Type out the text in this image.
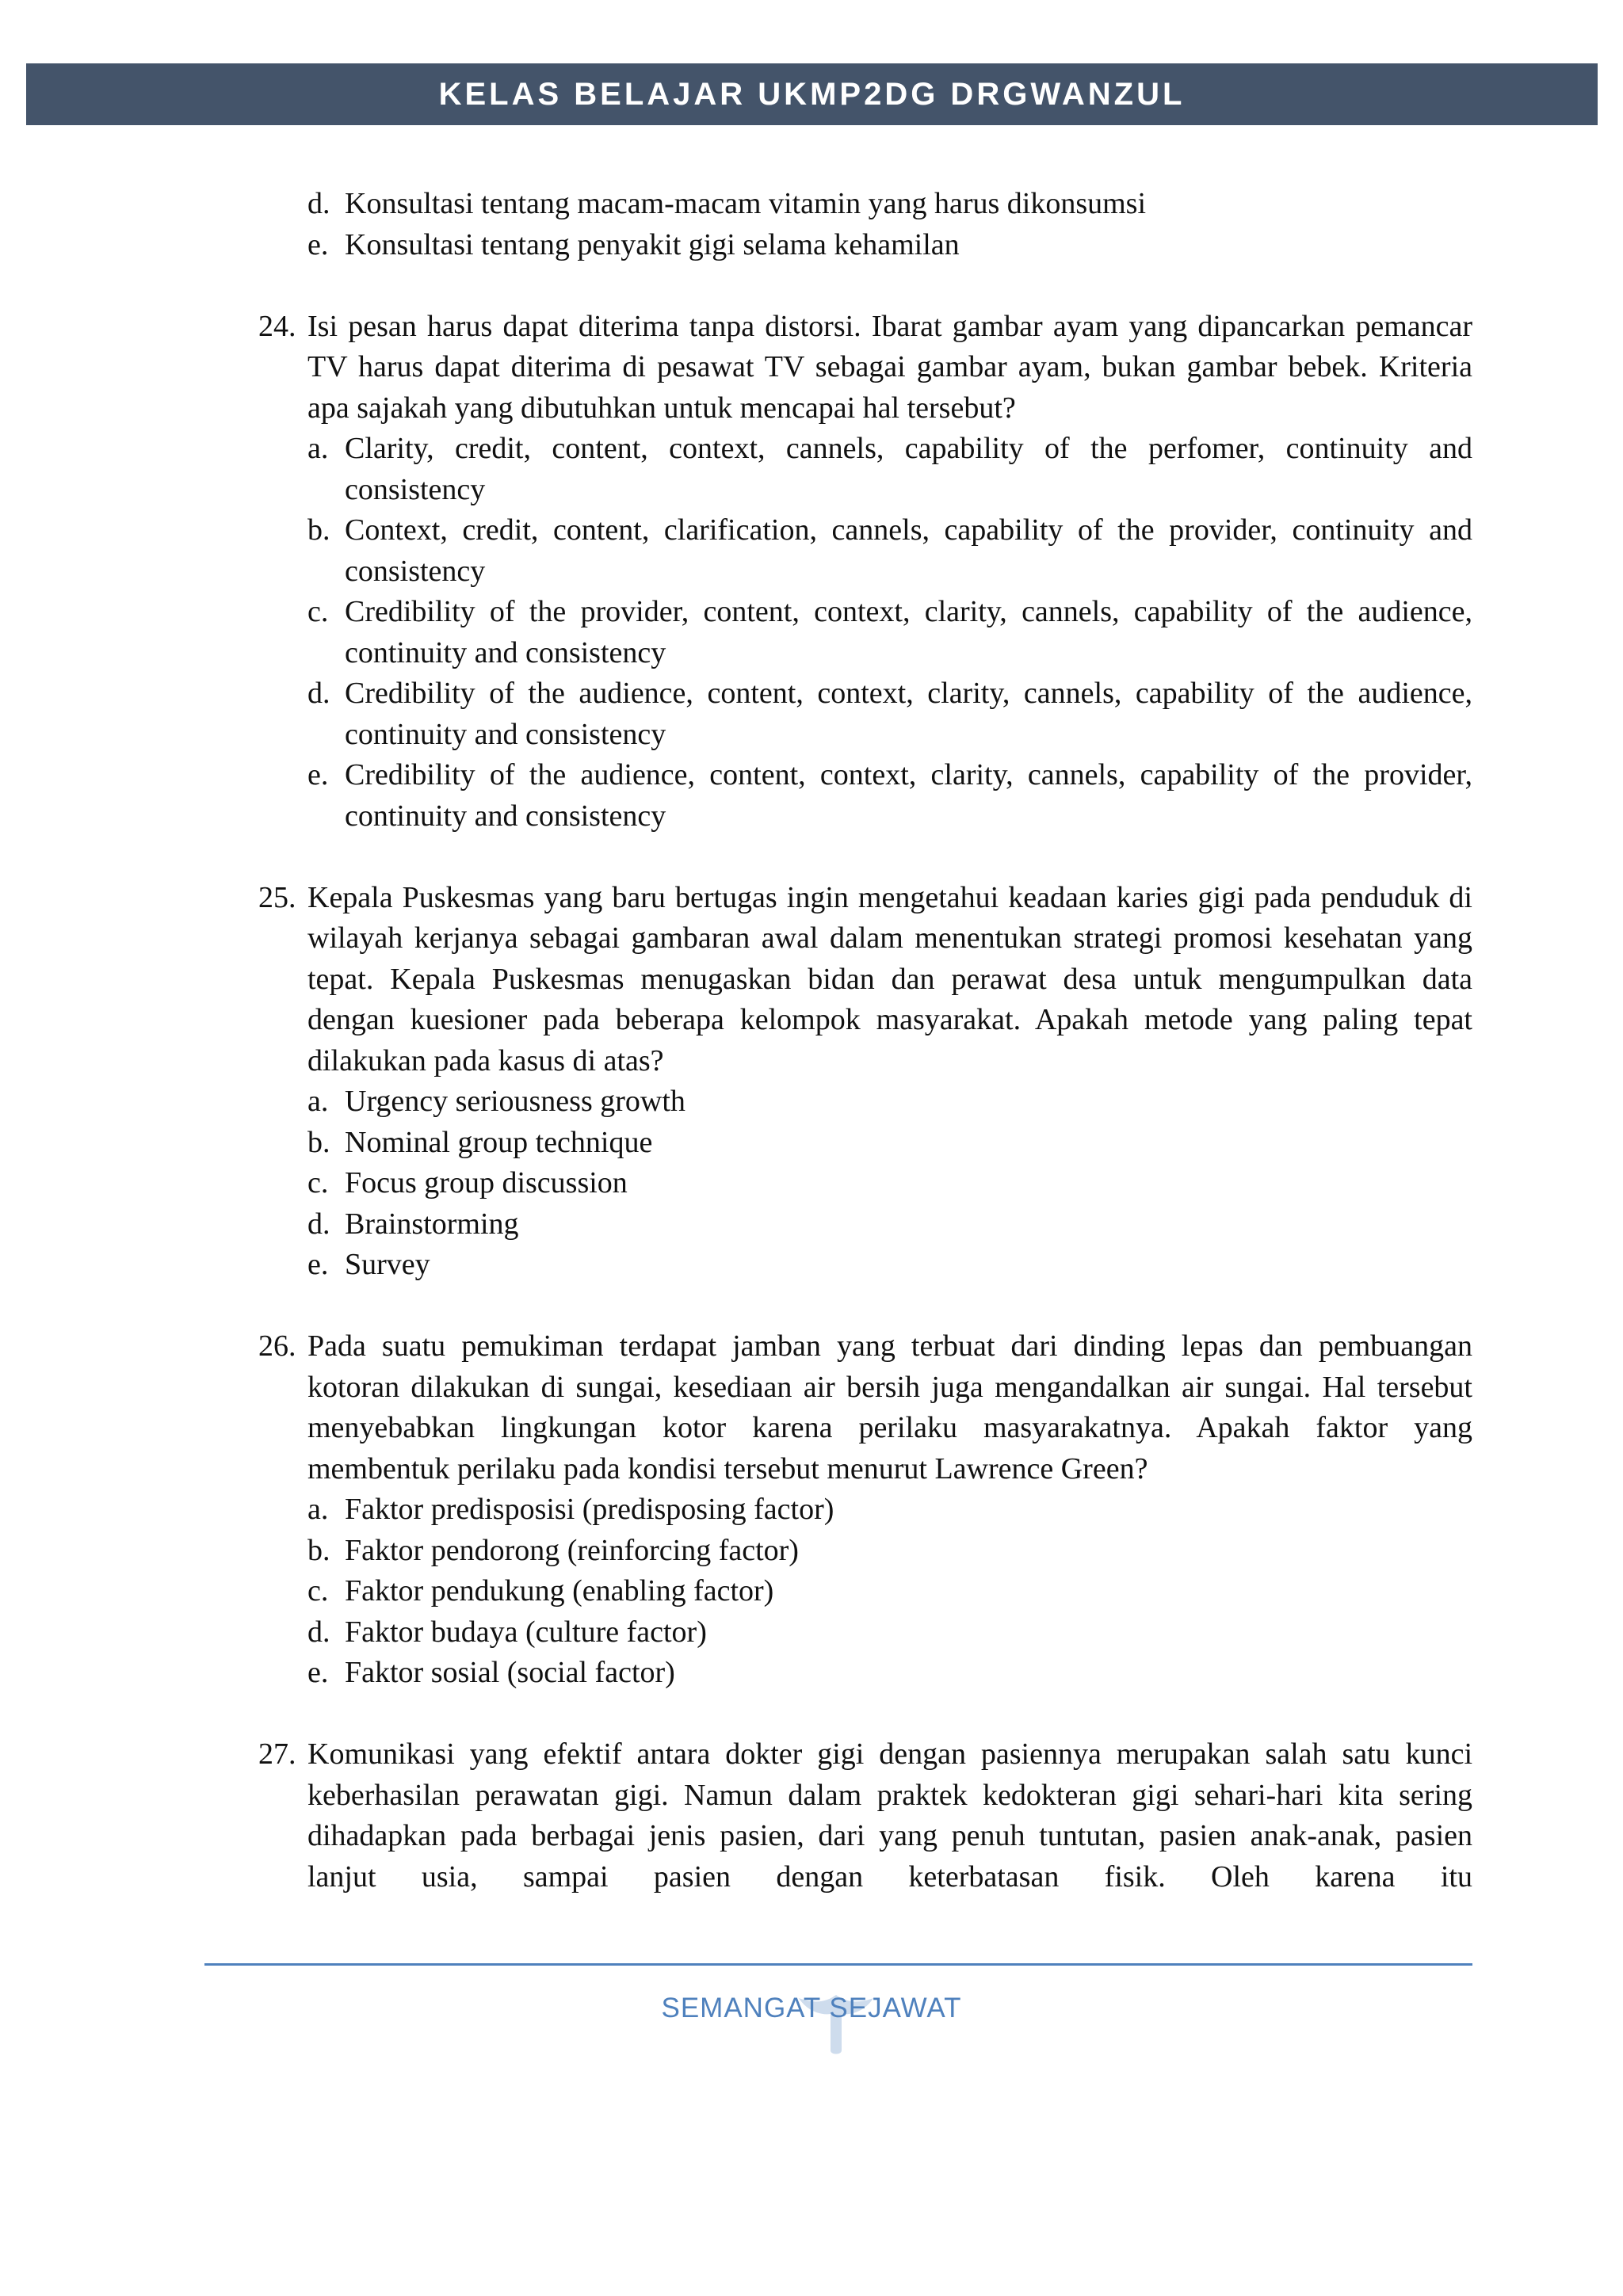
KELAS BELAJAR UKMP2DG DRGWANZUL
d. Konsultasi tentang macam-macam vitamin yang harus dikonsumsi
e. Konsultasi tentang penyakit gigi selama kehamilan
24. Isi pesan harus dapat diterima tanpa distorsi. Ibarat gambar ayam yang dipancarkan pemancar TV harus dapat diterima di pesawat TV sebagai gambar ayam, bukan gambar bebek. Kriteria apa sajakah yang dibutuhkan untuk mencapai hal tersebut?
a. Clarity, credit, content, context, cannels, capability of the perfomer, continuity and consistency
b. Context, credit, content, clarification, cannels, capability of the provider, continuity and consistency
c. Credibility of the provider, content, context, clarity, cannels, capability of the audience, continuity and consistency
d. Credibility of the audience, content, context, clarity, cannels, capability of the audience, continuity and consistency
e. Credibility of the audience, content, context, clarity, cannels, capability of the provider, continuity and consistency
25. Kepala Puskesmas yang baru bertugas ingin mengetahui keadaan karies gigi pada penduduk di wilayah kerjanya sebagai gambaran awal dalam menentukan strategi promosi kesehatan yang tepat. Kepala Puskesmas menugaskan bidan dan perawat desa untuk mengumpulkan data dengan kuesioner pada beberapa kelompok masyarakat. Apakah metode yang paling tepat dilakukan pada kasus di atas?
a. Urgency seriousness growth
b. Nominal group technique
c. Focus group discussion
d. Brainstorming
e. Survey
26. Pada suatu pemukiman terdapat jamban yang terbuat dari dinding lepas dan pembuangan kotoran dilakukan di sungai, kesediaan air bersih juga mengandalkan air sungai. Hal tersebut menyebabkan lingkungan kotor karena perilaku masyarakatnya. Apakah faktor yang membentuk perilaku pada kondisi tersebut menurut Lawrence Green?
a. Faktor predisposisi (predisposing factor)
b. Faktor pendorong (reinforcing factor)
c. Faktor pendukung (enabling factor)
d. Faktor budaya (culture factor)
e. Faktor sosial (social factor)
27. Komunikasi yang efektif antara dokter gigi dengan pasiennya merupakan salah satu kunci keberhasilan perawatan gigi. Namun dalam praktek kedokteran gigi sehari-hari kita sering dihadapkan pada berbagai jenis pasien, dari yang penuh tuntutan, pasien anak-anak, pasien lanjut usia, sampai pasien dengan keterbatasan fisik. Oleh karena itu
SEMANGAT SEJAWAT
